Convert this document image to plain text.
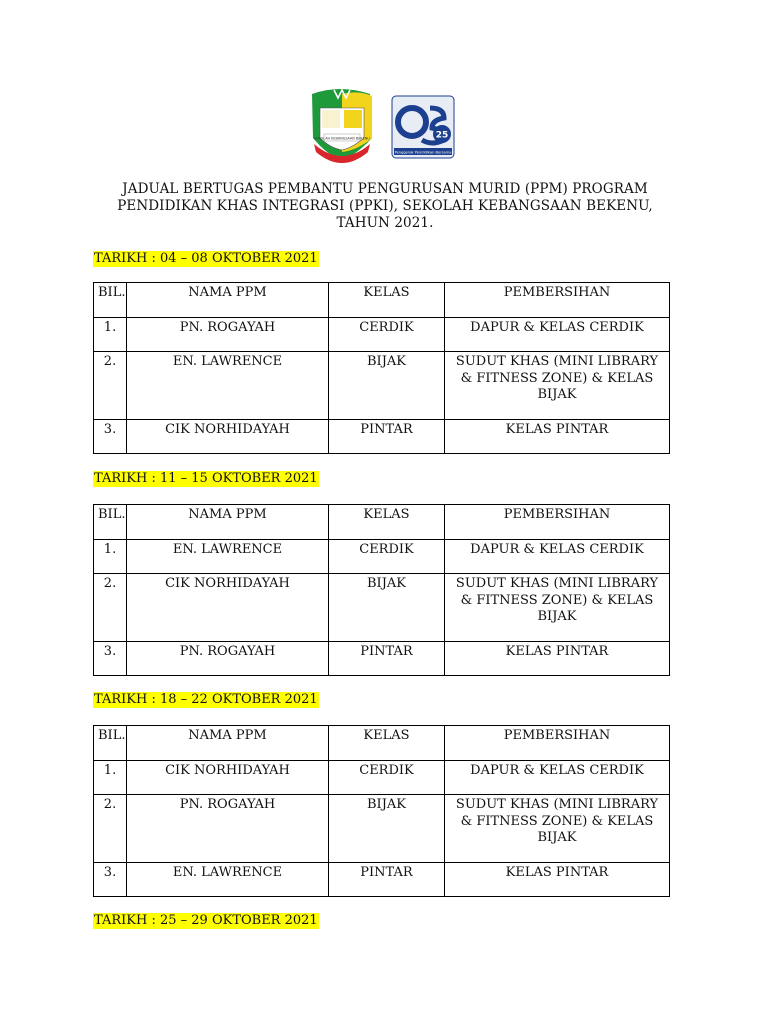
SEKOLAH KEBANGSAAN BEKENU	25
Penggerak Pendidikan Bersama
JADUAL BERTUGAS PEMBANTU PENGURUSAN MURID (PPM) PROGRAM
PENDIDIKAN KHAS INTEGRASI (PPKI), SEKOLAH KEBANGSAAN BEKENU,
TAHUN 2021.
TARIKH : 04 – 08 OKTOBER 2021
BIL.	NAMA PPM	KELAS	PEMBERSIHAN
1.	PN. ROGAYAH	CERDIK	DAPUR & KELAS CERDIK
2.	EN. LAWRENCE	BIJAK	SUDUT KHAS (MINI LIBRARY & FITNESS ZONE) & KELAS BIJAK
3.	CIK NORHIDAYAH	PINTAR	KELAS PINTAR
TARIKH : 11 – 15 OKTOBER 2021
BIL.	NAMA PPM	KELAS	PEMBERSIHAN
1.	EN. LAWRENCE	CERDIK	DAPUR & KELAS CERDIK
2.	CIK NORHIDAYAH	BIJAK	SUDUT KHAS (MINI LIBRARY & FITNESS ZONE) & KELAS BIJAK
3.	PN. ROGAYAH	PINTAR	KELAS PINTAR
TARIKH : 18 – 22 OKTOBER 2021
BIL.	NAMA PPM	KELAS	PEMBERSIHAN
1.	CIK NORHIDAYAH	CERDIK	DAPUR & KELAS CERDIK
2.	PN. ROGAYAH	BIJAK	SUDUT KHAS (MINI LIBRARY & FITNESS ZONE) & KELAS BIJAK
3.	EN. LAWRENCE	PINTAR	KELAS PINTAR
TARIKH : 25 – 29 OKTOBER 2021
